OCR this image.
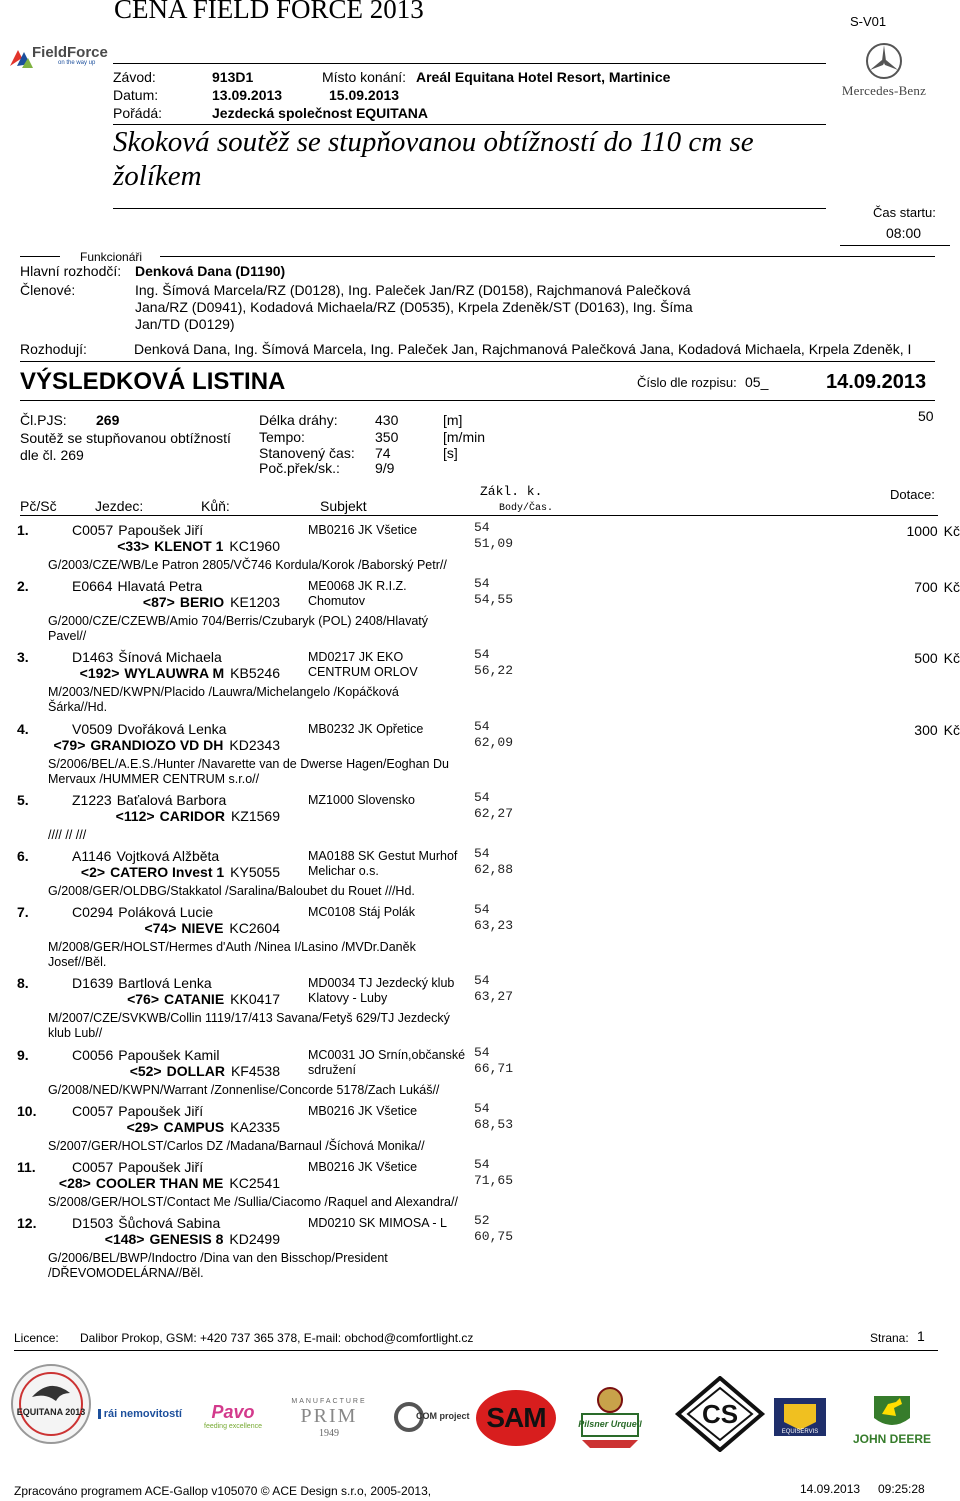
CENA FIELD FORCE 2013	S-V01
FieldForce
on the way up
Mercedes-Benz
Závod:	913D1	Místo konání: Areál Equitana Hotel Resort, Martinice
Datum:	13.09.2013	15.09.2013
Pořádá:	Jezdecká společnost EQUITANA
Skoková soutěž se stupňovanou obtížností do 110 cm se
žolíkem
Čas startu:
08:00
Funkcionáři
Hlavní rozhodčí: Denková Dana (D1190)
Členové:	Ing. Šímová Marcela/RZ (D0128), Ing. Paleček Jan/RZ (D0158), Rajchmanová Palečková
Jana/RZ (D0941), Kodadová Michaela/RZ (D0535), Krpela Zdeněk/ST (D0163), Ing. Šíma
Jan/TD (D0129)
Rozhodují:	Denková Dana, Ing. Šímová Marcela, Ing. Paleček Jan, Rajchmanová Palečková Jana, Kodadová Michaela, Krpela Zdeněk, I
VÝSLEDKOVÁ LISTINA	Číslo dle rozpisu: 05_	14.09.2013
Čl.PJS: 269
Soutěž se stupňovanou obtížností
dle čl. 269
Délka dráhy:	430	[m]
Tempo:	350	[m/min
Stanovený čas: 74	[s]
Poč.přek/sk.:	9/9
50
Pč/Sč	Jezdec:	Kůň:	Subjekt
Zákl. k.
Body/Čas.
Dotace:
1.	C0057 Papoušek Jiří
<33> KLENOT 1 KC1960
MB0216 JK Všetice	54
51,09
G/2003/CZE/WB/Le Patron 2805/VČ746 Kordula/Korok /Baborský Petr//
1000 Kč
2.	E0664 Hlavatá Petra
<87> BERIO KE1203
ME0068 JK R.I.Z.
Chomutov
54
54,55
G/2000/CZE/CZEWB/Amio 704/Berris/Czubaryk (POL) 2408/Hlavatý
Pavel//
700 Kč
3.	D1463 Šínová Michaela
<192> WYLAUWRA M KB5246
MD0217 JK EKO
CENTRUM ORLOV
54
56,22
M/2003/NED/KWPN/Placido /Lauwra/Michelangelo /Kopáčková
Šárka//Hd.
500 Kč
4.	V0509 Dvořáková Lenka
<79> GRANDIOZO VD DH KD2343
MB0232 JK Opřetice	54
62,09
S/2006/BEL/A.E.S./Hunter /Navarette van de Dwerse Hagen/Eoghan Du
Mervaux /HUMMER CENTRUM s.r.o//
300 Kč
5.	Z1223 Baťalová Barbora
<112> CARIDOR KZ1569
MZ1000 Slovensko	54
62,27
//// // ///
6.	A1146 Vojtková Alžběta
<2> CATERO Invest 1 KY5055
MA0188 SK Gestut Murhof
Melichar o.s.
54
62,88
G/2008/GER/OLDBG/Stakkatol /Saralina/Baloubet du Rouet ///Hd.
7.	C0294 Poláková Lucie
<74> NIEVE KC2604
MC0108 Stáj Polák	54
63,23
M/2008/GER/HOLST/Hermes d'Auth /Ninea I/Lasino /MVDr.Daněk
Josef//Běl.
8.	D1639 Bartlová Lenka
<76> CATANIE KK0417
MD0034 TJ Jezdecký klub
Klatovy - Luby
54
63,27
M/2007/CZE/SVKWB/Collin 1119/17/413 Savana/Fetyš 629/TJ Jezdecký
klub Lub//
9.	C0056 Papoušek Kamil
<52> DOLLAR KF4538
MC0031 JO Srnín,občanské
sdružení
54
66,71
G/2008/NED/KWPN/Warrant /Zonnenlise/Concorde 5178/Zach Lukáš//
10.	C0057 Papoušek Jiří
<29> CAMPUS KA2335
MB0216 JK Všetice	54
68,53
S/2007/GER/HOLST/Carlos DZ /Madana/Barnaul /Šíchová Monika//
11.	C0057 Papoušek Jiří
<28> COOLER THAN ME KC2541
MB0216 JK Všetice	54
71,65
S/2008/GER/HOLST/Contact Me /Sullia/Ciacomo /Raquel and Alexandra//
12.	D1503 Šůchová Sabina
<148> GENESIS 8 KD2499
MD0210 SK MIMOSA - L	52
60,75
G/2006/BEL/BWP/Indoctro /Dina van den Bisschop/President
/DŘEVOMODELÁRNA//Běl.
Licence: Dalibor Prokop, GSM: +420 737 365 378, E-mail: obchod@comfortlight.cz	Strana: 1
EQUITANA 2013	rái nemovitostí Pavo
feeding excellence
MANUFACTURE
PRIM
1949
COM project SAM	Pilsner Urquell CS
EQUISERVIS	JOHN DEERE
Zpracováno programem ACE-Gallop v105070 © ACE Design s.r.o, 2005-2013,	14.09.2013 09:25:28
